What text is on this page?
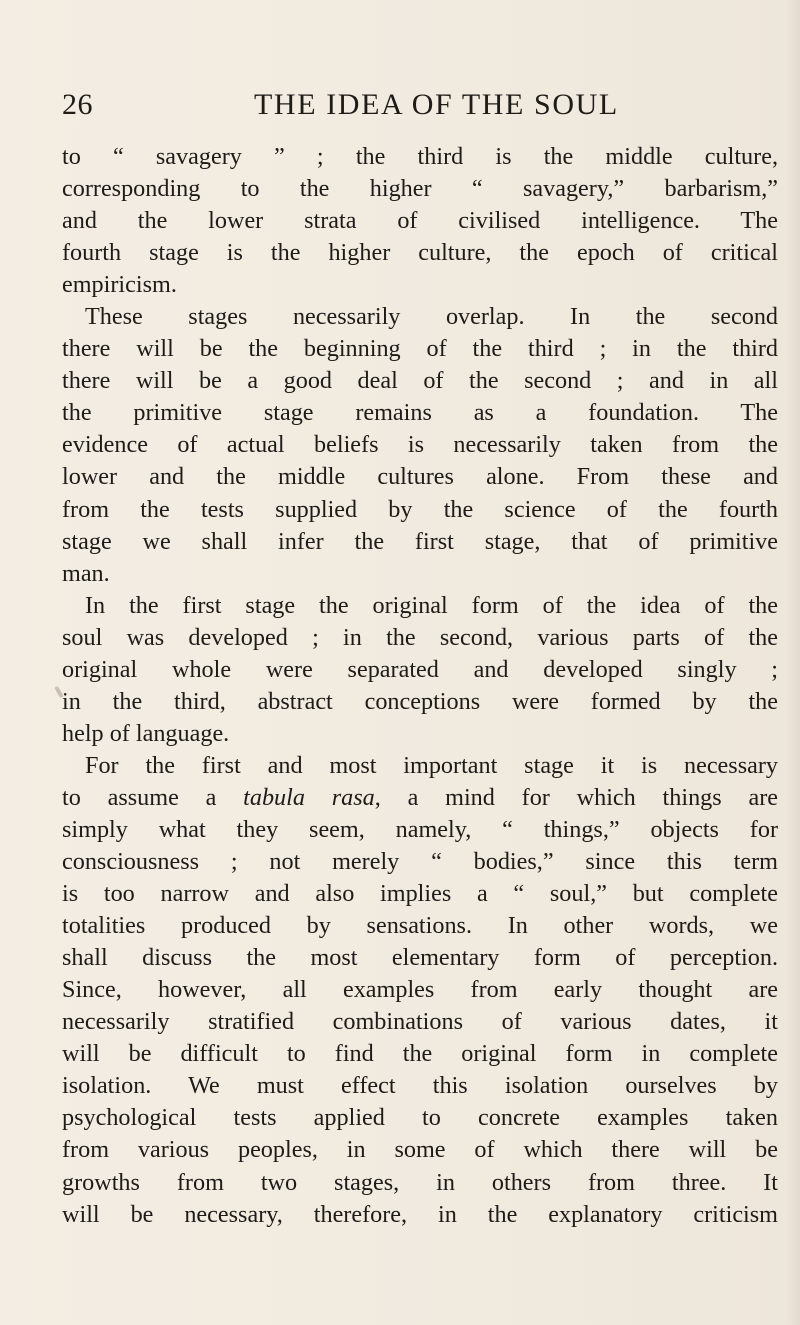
26	THE IDEA OF THE SOUL
to “ savagery ” ; the third is the middle culture,
corresponding to the higher “ savagery,” barbarism,”
and the lower strata of civilised intelligence. The
fourth stage is the higher culture, the epoch of critical
empiricism.
These stages necessarily overlap. In the second
there will be the beginning of the third ; in the third
there will be a good deal of the second ; and in all
the primitive stage remains as a foundation. The
evidence of actual beliefs is necessarily taken from the
lower and the middle cultures alone. From these and
from the tests supplied by the science of the fourth
stage we shall infer the first stage, that of primitive
man.
In the first stage the original form of the idea of the
soul was developed ; in the second, various parts of the
original whole were separated and developed singly ;
in the third, abstract conceptions were formed by the
help of language.
For the first and most important stage it is necessary
to assume a tabula rasa, a mind for which things are
simply what they seem, namely, “ things,” objects for
consciousness ; not merely “ bodies,” since this term
is too narrow and also implies a “ soul,” but complete
totalities produced by sensations. In other words, we
shall discuss the most elementary form of perception.
Since, however, all examples from early thought are
necessarily stratified combinations of various dates, it
will be difficult to find the original form in complete
isolation. We must effect this isolation ourselves by
psychological tests applied to concrete examples taken
from various peoples, in some of which there will be
growths from two stages, in others from three. It
will be necessary, therefore, in the explanatory criticism
